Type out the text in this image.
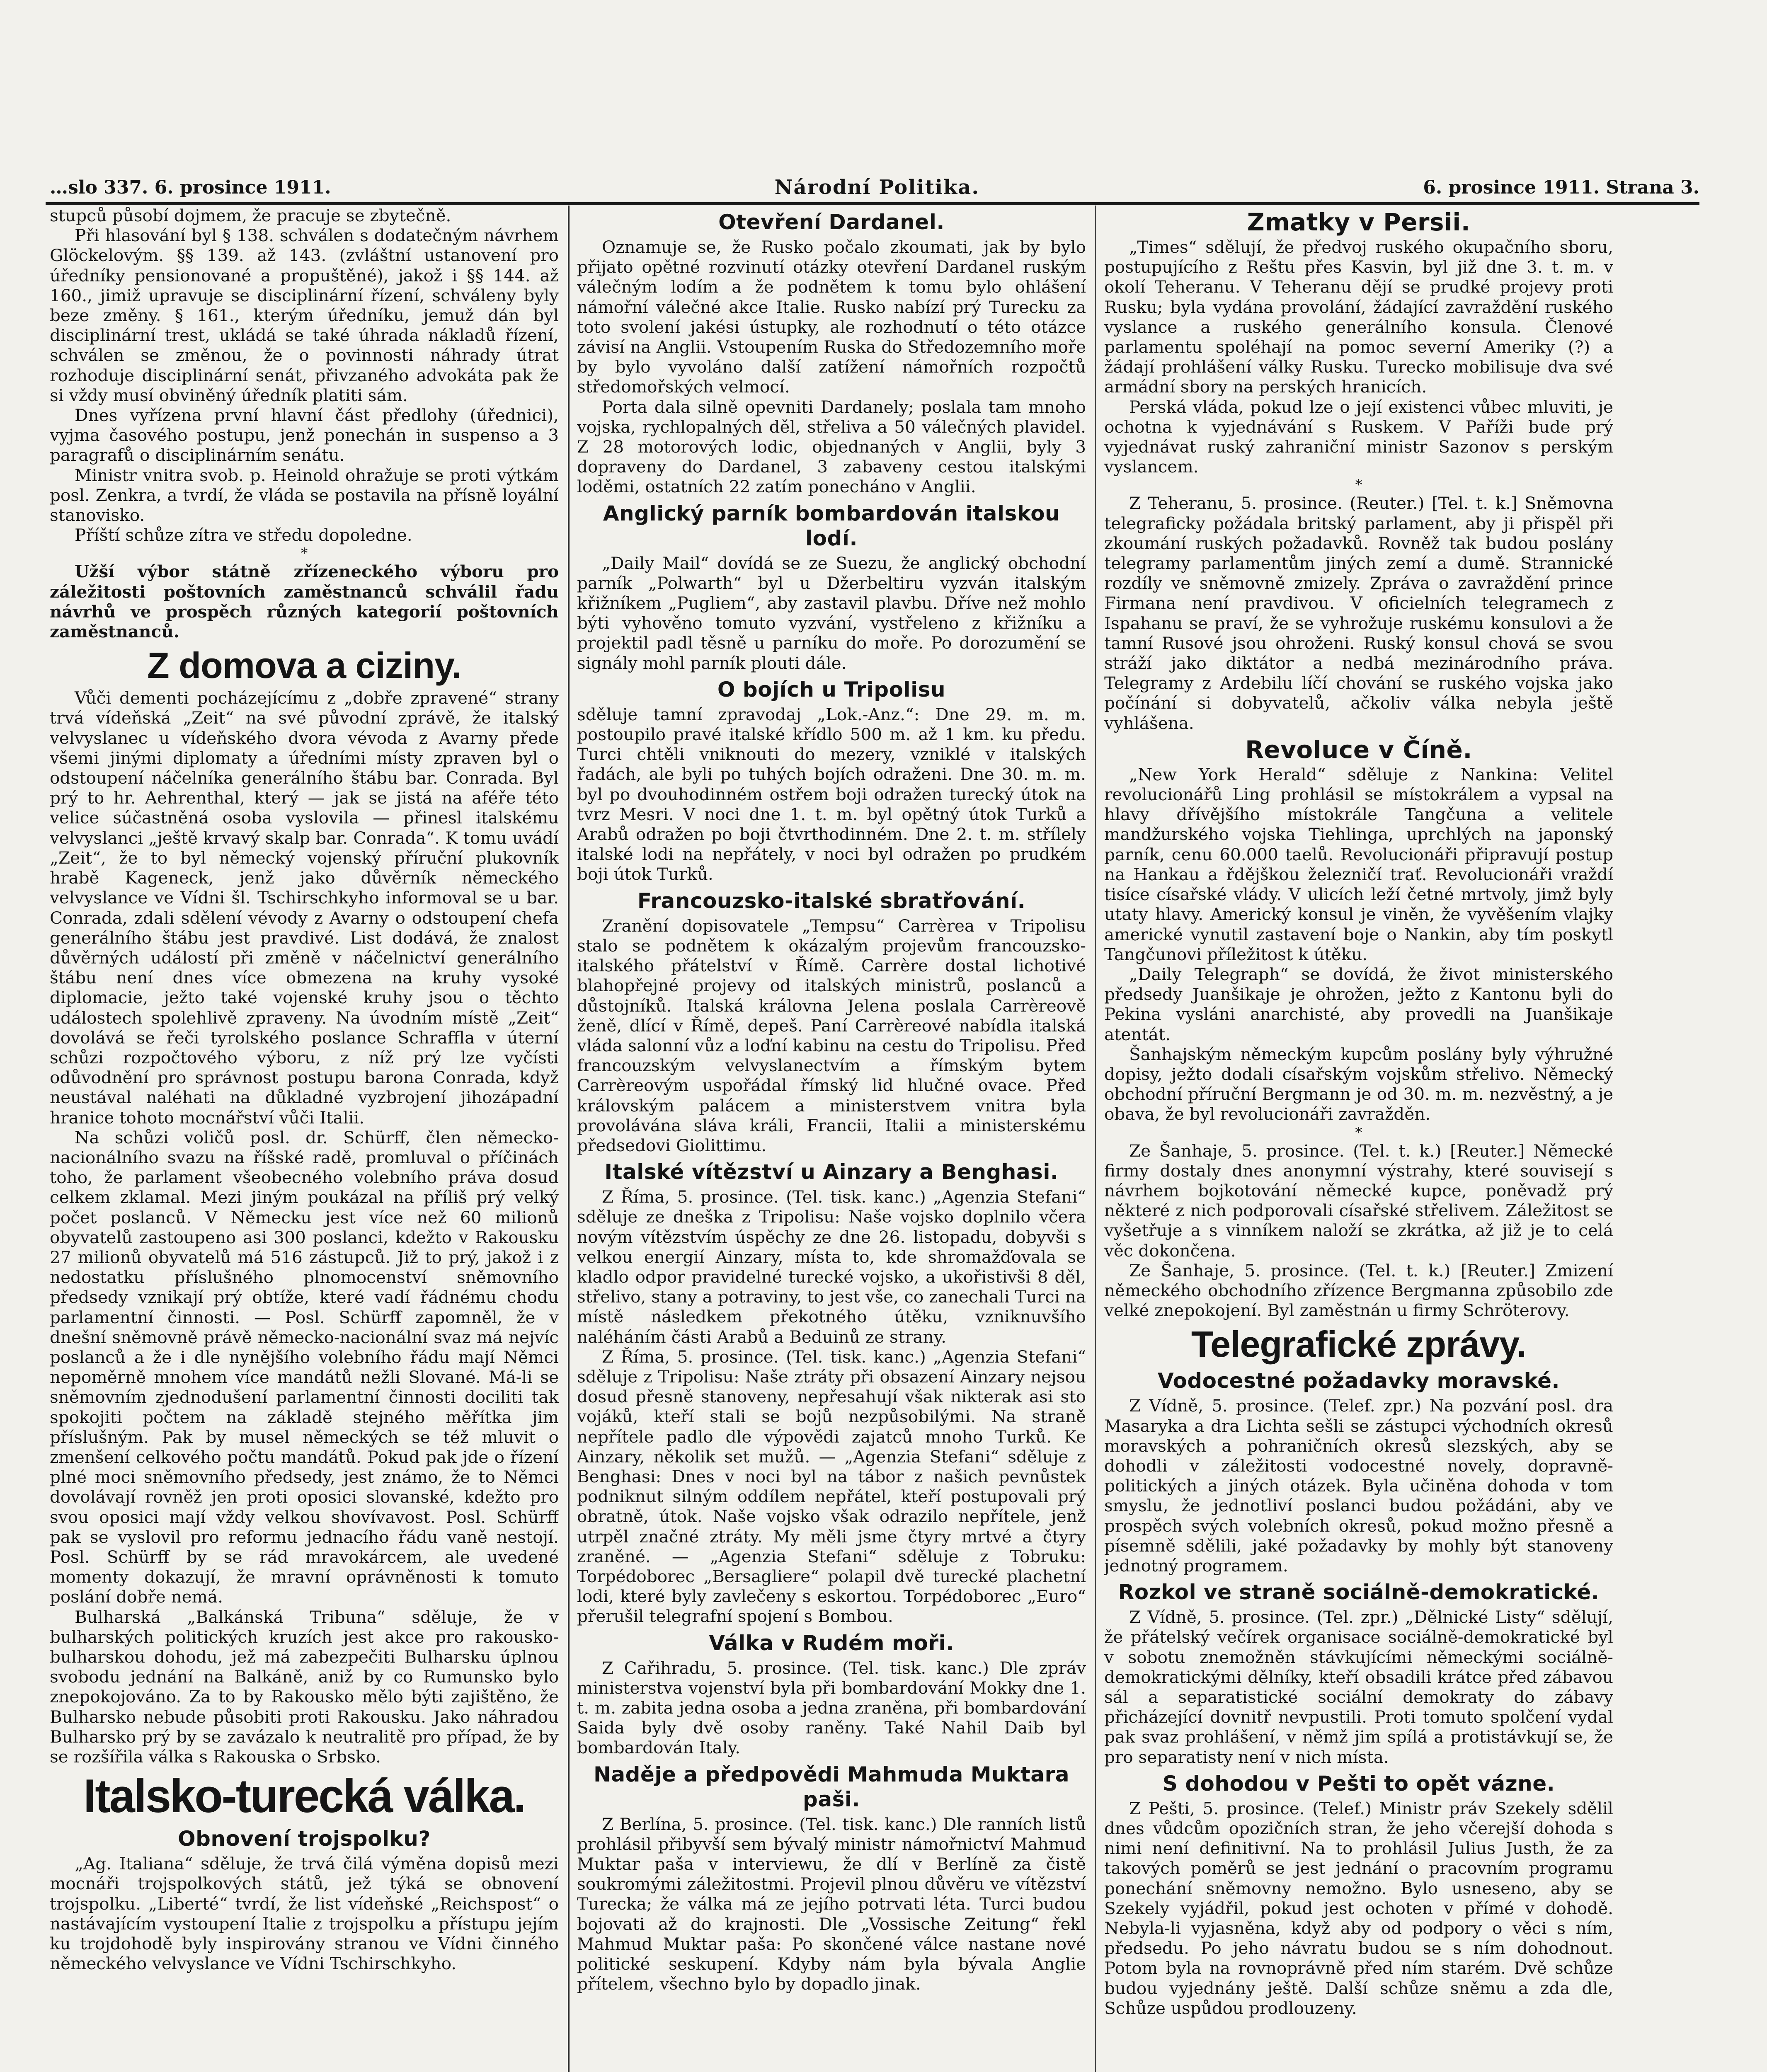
…slo 337. 6. prosince 1911.	Národní Politika.	6. prosince 1911. Strana 3.

stupců působí dojmem, že pracuje se zbytečně.

Při hlasování byl § 138. schválen s dodatečným návrhem Glöckelovým. §§ 139. až 143. (zvláštní ustanovení pro úředníky pensionované a propuštěné), jakož i §§ 144. až 160., jimiž upravuje se disciplinární řízení, schváleny byly beze změny. § 161., kterým úředníku, jemuž dán byl disciplinární trest, ukládá se také úhrada nákladů řízení, schválen se změnou, že o povinnosti náhrady útrat rozhoduje disciplinární senát, přivzaného advokáta pak že si vždy musí obviněný úředník platiti sám.

Dnes vyřízena první hlavní část předlohy (úřednici), vyjma časového postupu, jenž ponechán in suspenso a 3 paragrafů o disciplinárním senátu.

Ministr vnitra svob. p. Heinold ohražuje se proti výtkám posl. Zenkra, a tvrdí, že vláda se postavila na přísně loyální stanovisko.

Příští schůze zítra ve středu dopoledne.

*

Užší výbor státně zřízeneckého výboru pro záležitosti poštovních zaměstnanců schválil řadu návrhů ve prospěch různých kategorií poštovních zaměstnanců.

Z domova a ciziny.

Vůči dementi pocházejícímu z „dobře zpravené“ strany trvá vídeňská „Zeit“ na své původní zprávě, že italský velvyslanec u vídeňského dvora vévoda z Avarny přede všemi jinými diplomaty a úředními místy zpraven byl o odstoupení náčelníka generálního štábu bar. Conrada. Byl prý to hr. Aehrenthal, který — jak se jistá na aféře této velice súčastněná osoba vyslovila — přinesl italskému velvyslanci „ještě krvavý skalp bar. Conrada“. K tomu uvádí „Zeit“, že to byl německý vojenský příruční plukovník hrabě Kageneck, jenž jako důvěrník německého velvyslance ve Vídni šl. Tschirschkyho informoval se u bar. Conrada, zdali sdělení vévody z Avarny o odstoupení chefa generálního štábu jest pravdivé. List dodává, že znalost důvěrných událostí při změně v náčelnictví generálního štábu není dnes více obmezena na kruhy vysoké diplomacie, ježto také vojenské kruhy jsou o těchto událostech spolehlivě zpraveny. Na úvodním místě „Zeit“ dovolává se řeči tyrolského poslance Schraffla v úterní schůzi rozpočtového výboru, z níž prý lze vyčísti odůvodnění pro správnost postupu barona Conrada, když neustával naléhati na důkladné vyzbrojení jihozápadní hranice tohoto mocnářství vůči Italii.

Na schůzi voličů posl. dr. Schürff, člen německo-nacionálního svazu na říšské radě, promluval o příčinách toho, že parlament všeobecného volebního práva dosud celkem zklamal. Mezi jiným poukázal na příliš prý velký počet poslanců. V Německu jest více než 60 milionů obyvatelů zastoupeno asi 300 poslanci, kdežto v Rakousku 27 milionů obyvatelů má 516 zástupců. Již to prý, jakož i z nedostatku příslušného plnomocenství sněmovního předsedy vznikají prý obtíže, které vadí řádnému chodu parlamentní činnosti. — Posl. Schürff zapomněl, že v dnešní sněmovně právě německo-nacionální svaz má nejvíc poslanců a že i dle nynějšího volebního řádu mají Němci nepoměrně mnohem více mandátů nežli Slované. Má-li se sněmovním zjednodušení parlamentní činnosti dociliti tak spokojiti počtem na základě stejného měřítka jim příslušným. Pak by musel německých se též mluvit o zmenšení celkového počtu mandátů. Pokud pak jde o řízení plné moci sněmovního předsedy, jest známo, že to Němci dovolávají rovněž jen proti oposici slovanské, kdežto pro svou oposici mají vždy velkou shovívavost. Posl. Schürff pak se vyslovil pro reformu jednacího řádu vaně nestojí. Posl. Schürff by se rád mravokárcem, ale uvedené momenty dokazují, že mravní oprávněnosti k tomuto poslání dobře nemá.

Bulharská „Balkánská Tribuna“ sděluje, že v bulharských politických kruzích jest akce pro rakousko-bulharskou dohodu, jež má zabezpečiti Bulharsku úplnou svobodu jednání na Balkáně, aniž by co Rumunsko bylo znepokojováno. Za to by Rakousko mělo býti zajištěno, že Bulharsko nebude působiti proti Rakousku. Jako náhradou Bulharsko prý by se zavázalo k neutralitě pro případ, že by se rozšířila válka s Rakouska o Srbsko.

Italsko-turecká válka.
Obnovení trojspolku?

„Ag. Italiana“ sděluje, že trvá čilá výměna dopisů mezi mocnáři trojspolkových států, jež týká se obnovení trojspolku. „Liberté“ tvrdí, že list vídeňské „Reichspost“ o nastávajícím vystoupení Italie z trojspolku a přístupu jejím ku trojdohodě byly inspirovány stranou ve Vídni činného německého velvyslance ve Vídni Tschirschkyho.

Otevření Dardanel.

Oznamuje se, že Rusko počalo zkoumati, jak by bylo přijato opětné rozvinutí otázky otevření Dardanel ruským válečným lodím a že podnětem k tomu bylo ohlášení námořní válečné akce Italie. Rusko nabízí prý Turecku za toto svolení jakési ústupky, ale rozhodnutí o této otázce závisí na Anglii. Vstoupením Ruska do Středozemního moře by bylo vyvoláno další zatížení námořních rozpočtů středomořských velmocí.

Porta dala silně opevniti Dardanely; poslala tam mnoho vojska, rychlopalných děl, střeliva a 50 válečných plavidel. Z 28 motorových lodic, objednaných v Anglii, byly 3 dopraveny do Dardanel, 3 zabaveny cestou italskými loděmi, ostatních 22 zatím ponecháno v Anglii.

Anglický parník bombardován italskou lodí.

„Daily Mail“ dovídá se ze Suezu, že anglický obchodní parník „Polwarth“ byl u Džerbeltiru vyzván italským křižníkem „Pugliem“, aby zastavil plavbu. Dříve než mohlo býti vyhověno tomuto vyzvání, vystřeleno z křižníku a projektil padl těsně u parníku do moře. Po dorozumění se signály mohl parník plouti dále.

O bojích u Tripolisu

sděluje tamní zpravodaj „Lok.-Anz.“: Dne 29. m. m. postoupilo pravé italské křídlo 500 m. až 1 km. ku předu. Turci chtěli vniknouti do mezery, vzniklé v italských řadách, ale byli po tuhých bojích odraženi. Dne 30. m. m. byl po dvouhodinném ostřem boji odražen turecký útok na tvrz Mesri. V noci dne 1. t. m. byl opětný útok Turků a Arabů odražen po boji čtvrthodinném. Dne 2. t. m. střílely italské lodi na nepřátely, v noci byl odražen po prudkém boji útok Turků.

Francouzsko-italské sbratřování.

Zranění dopisovatele „Tempsu“ Carrèrea v Tripolisu stalo se podnětem k okázalým projevům francouzsko-italského přátelství v Římě. Carrère dostal lichotivé blahopřejné projevy od italských ministrů, poslanců a důstojníků. Italská královna Jelena poslala Carrèreově ženě, dlící v Římě, depeš. Paní Carrèreové nabídla italská vláda salonní vůz a loďní kabinu na cestu do Tripolisu. Před francouzským velvyslanectvím a římským bytem Carrèreovým uspořádal římský lid hlučné ovace. Před královským palácem a ministerstvem vnitra byla provolávána sláva králi, Francii, Italii a ministerskému předsedovi Giolittimu.

Italské vítězství u Ainzary a Benghasi.

Z Říma, 5. prosince. (Tel. tisk. kanc.) „Agenzia Stefani“ sděluje ze dneška z Tripolisu: Naše vojsko doplnilo včera novým vítězstvím úspěchy ze dne 26. listopadu, dobyvši s velkou energií Ainzary, místa to, kde shromažďovala se kladlo odpor pravidelné turecké vojsko, a ukořistivši 8 děl, střelivo, stany a potraviny, to jest vše, co zanechali Turci na místě následkem překotného útěku, vzniknuvšího naléháním části Arabů a Beduinů ze strany.

Z Říma, 5. prosince. (Tel. tisk. kanc.) „Agenzia Stefani“ sděluje z Tripolisu: Naše ztráty při obsazení Ainzary nejsou dosud přesně stanoveny, nepřesahují však nikterak asi sto vojáků, kteří stali se bojů nezpůsobilými. Na straně nepřítele padlo dle výpovědi zajatců mnoho Turků. Ke Ainzary, několik set mužů. — „Agenzia Stefani“ sděluje z Benghasi: Dnes v noci byl na tábor z našich pevnůstek podniknut silným oddílem nepřátel, kteří postupovali prý obratně, útok. Naše vojsko však odrazilo nepřítele, jenž utrpěl značné ztráty. My měli jsme čtyry mrtvé a čtyry zraněné. — „Agenzia Stefani“ sděluje z Tobruku: Torpédoborec „Bersagliere“ polapil dvě turecké plachetní lodi, které byly zavlečeny s eskortou. Torpédoborec „Euro“ přerušil telegrafní spojení s Bombou.

Válka v Rudém moři.

Z Cařihradu, 5. prosince. (Tel. tisk. kanc.) Dle zpráv ministerstva vojenství byla při bombardování Mokky dne 1. t. m. zabita jedna osoba a jedna zraněna, při bombardování Saida byly dvě osoby raněny. Také Nahil Daib byl bombardován Italy.

Naděje a předpovědi Mahmuda Muktara paši.

Z Berlína, 5. prosince. (Tel. tisk. kanc.) Dle ranních listů prohlásil přibyvší sem bývalý ministr námořnictví Mahmud Muktar paša v interviewu, že dlí v Berlíně za čistě soukromými záležitostmi. Projevil plnou důvěru ve vítězství Turecka; že válka má ze jejího potrvati léta. Turci budou bojovati až do krajnosti. Dle „Vossische Zeitung“ řekl Mahmud Muktar paša: Po skončené válce nastane nové politické seskupení. Kdyby nám byla bývala Anglie přítelem, všechno bylo by dopadlo jinak.

Zmatky v Persii.

„Times“ sdělují, že předvoj ruského okupačního sboru, postupujícího z Reštu přes Kasvin, byl již dne 3. t. m. v okolí Teheranu. V Teheranu dějí se prudké projevy proti Rusku; byla vydána provolání, žádající zavraždění ruského vyslance a ruského generálního konsula. Členové parlamentu spoléhají na pomoc severní Ameriky (?) a žádají prohlášení války Rusku. Turecko mobilisuje dva své armádní sbory na perských hranicích.

Perská vláda, pokud lze o její existenci vůbec mluviti, je ochotna k vyjednávání s Ruskem. V Paříži bude prý vyjednávat ruský zahraniční ministr Sazonov s perským vyslancem.

*

Z Teheranu, 5. prosince. (Reuter.) [Tel. t. k.] Sněmovna telegraficky požádala britský parlament, aby ji přispěl při zkoumání ruských požadavků. Rovněž tak budou poslány telegramy parlamentům jiných zemí a dumě. Strannické rozdíly ve sněmovně zmizely. Zpráva o zavraždění prince Firmana není pravdivou. V oficielních telegramech z Ispahanu se praví, že se vyhrožuje ruskému konsulovi a že tamní Rusové jsou ohroženi. Ruský konsul chová se svou stráží jako diktátor a nedbá mezinárodního práva. Telegramy z Ardebilu líčí chování se ruského vojska jako počínání si dobyvatelů, ačkoliv válka nebyla ještě vyhlášena.

Revoluce v Číně.

„New York Herald“ sděluje z Nankina: Velitel revolucionářů Ling prohlásil se místokrálem a vypsal na hlavy dřívějšího místokrále Tangčuna a velitele mandžurského vojska Tiehlinga, uprchlých na japonský parník, cenu 60.000 taelů. Revolucionáři připravují postup na Hankau a řdějškou železničí trať. Revolucionáři vraždí tisíce císařské vlády. V ulicích leží četné mrtvoly, jimž byly utaty hlavy. Americký konsul je viněn, že vyvěšením vlajky americké vynutil zastavení boje o Nankin, aby tím poskytl Tangčunovi příležitost k útěku.

„Daily Telegraph“ se dovídá, že život ministerského předsedy Juanšikaje je ohrožen, ježto z Kantonu byli do Pekina vysláni anarchisté, aby provedli na Juanšikaje atentát.

Šanhajským německým kupcům poslány byly výhružné dopisy, ježto dodali císařským vojskům střelivo. Německý obchodní příruční Bergmann je od 30. m. m. nezvěstný, a je obava, že byl revolucionáři zavražděn.

*

Ze Šanhaje, 5. prosince. (Tel. t. k.) [Reuter.] Německé firmy dostaly dnes anonymní výstrahy, které souvisejí s návrhem bojkotování německé kupce, poněvadž prý některé z nich podporovali císařské střelivem. Záležitost se vyšetřuje a s vinníkem naloží se zkrátka, až již je to celá věc dokončena.

Ze Šanhaje, 5. prosince. (Tel. t. k.) [Reuter.] Zmizení německého obchodního zřízence Bergmanna způsobilo zde velké znepokojení. Byl zaměstnán u firmy Schröterovy.

Telegrafické zprávy.
Vodocestné požadavky moravské.

Z Vídně, 5. prosince. (Telef. zpr.) Na pozvání posl. dra Masaryka a dra Lichta sešli se zástupci východních okresů moravských a pohraničních okresů slezských, aby se dohodli v záležitosti vodocestné novely, dopravně-politických a jiných otázek. Byla učiněna dohoda v tom smyslu, že jednotliví poslanci budou požádáni, aby ve prospěch svých volebních okresů, pokud možno přesně a písemně sdělili, jaké požadavky by mohly být stanoveny jednotný programem.

Rozkol ve straně sociálně-demokratické.

Z Vídně, 5. prosince. (Tel. zpr.) „Dělnické Listy“ sdělují, že přátelský večírek organisace sociálně-demokratické byl v sobotu znemožněn stávkujícími německými sociálně-demokratickými dělníky, kteří obsadili krátce před zábavou sál a separatistické sociální demokraty do zábavy přicházející dovnitř nevpustili. Proti tomuto spolčení vydal pak svaz prohlášení, v němž jim spílá a protistávkují se, že pro separatisty není v nich místa.

S dohodou v Pešti to opět vázne.

Z Pešti, 5. prosince. (Telef.) Ministr práv Szekely sdělil dnes vůdcům opozičních stran, že jeho včerejší dohoda s nimi není definitivní. Na to prohlásil Julius Justh, že za takových poměrů se jest jednání o pracovním programu ponechání sněmovny nemožno. Bylo usneseno, aby se Szekely vyjádřil, pokud jest ochoten v přímé v dohodě. Nebyla-li vyjasněna, když aby od podpory o věci s ním, předsedu. Po jeho návratu budou se s ním dohodnout. Potom byla na rovnoprávně před ním starém. Dvě schůze budou vyjednány ještě. Další schůze sněmu a zda dle, Schůze uspůdou prodlouzeny.
